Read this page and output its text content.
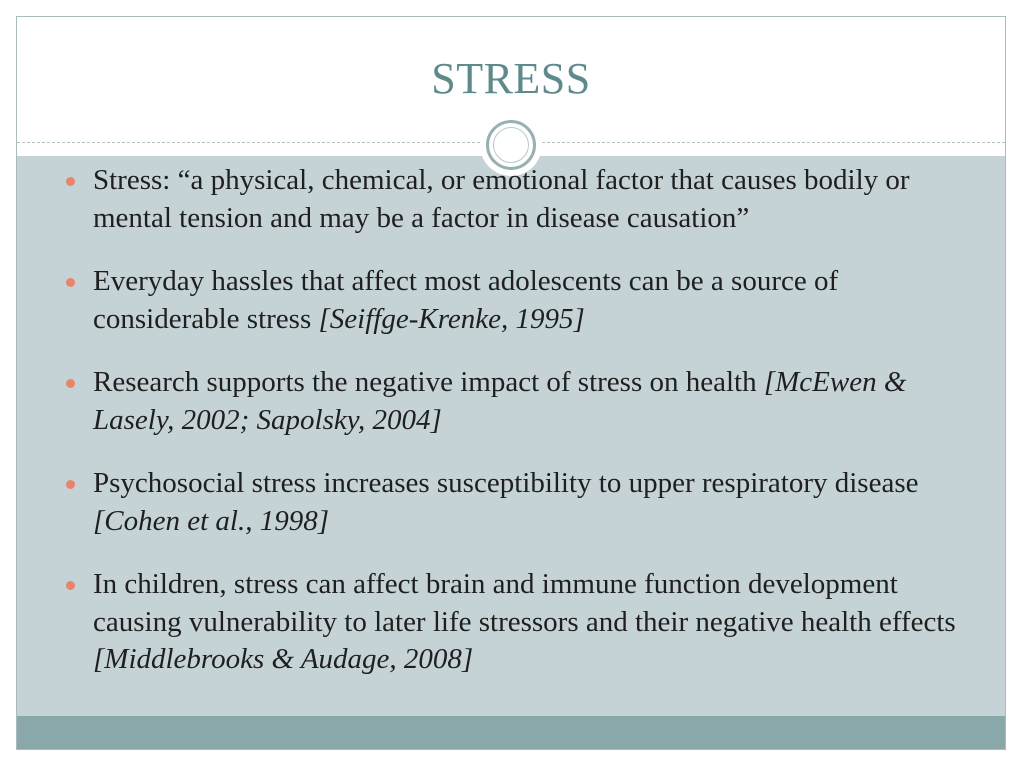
STRESS
Stress: “a physical, chemical, or emotional factor that causes bodily or mental tension and may be a factor in disease causation”
Everyday hassles that affect most adolescents can be a source of considerable stress [Seiffge-Krenke, 1995]
Research supports the negative impact of stress on health [McEwen & Lasely, 2002; Sapolsky, 2004]
Psychosocial stress increases susceptibility to upper respiratory disease [Cohen et al., 1998]
In children, stress can affect brain and immune function development causing vulnerability to later life stressors and their negative health effects [Middlebrooks & Audage, 2008]
